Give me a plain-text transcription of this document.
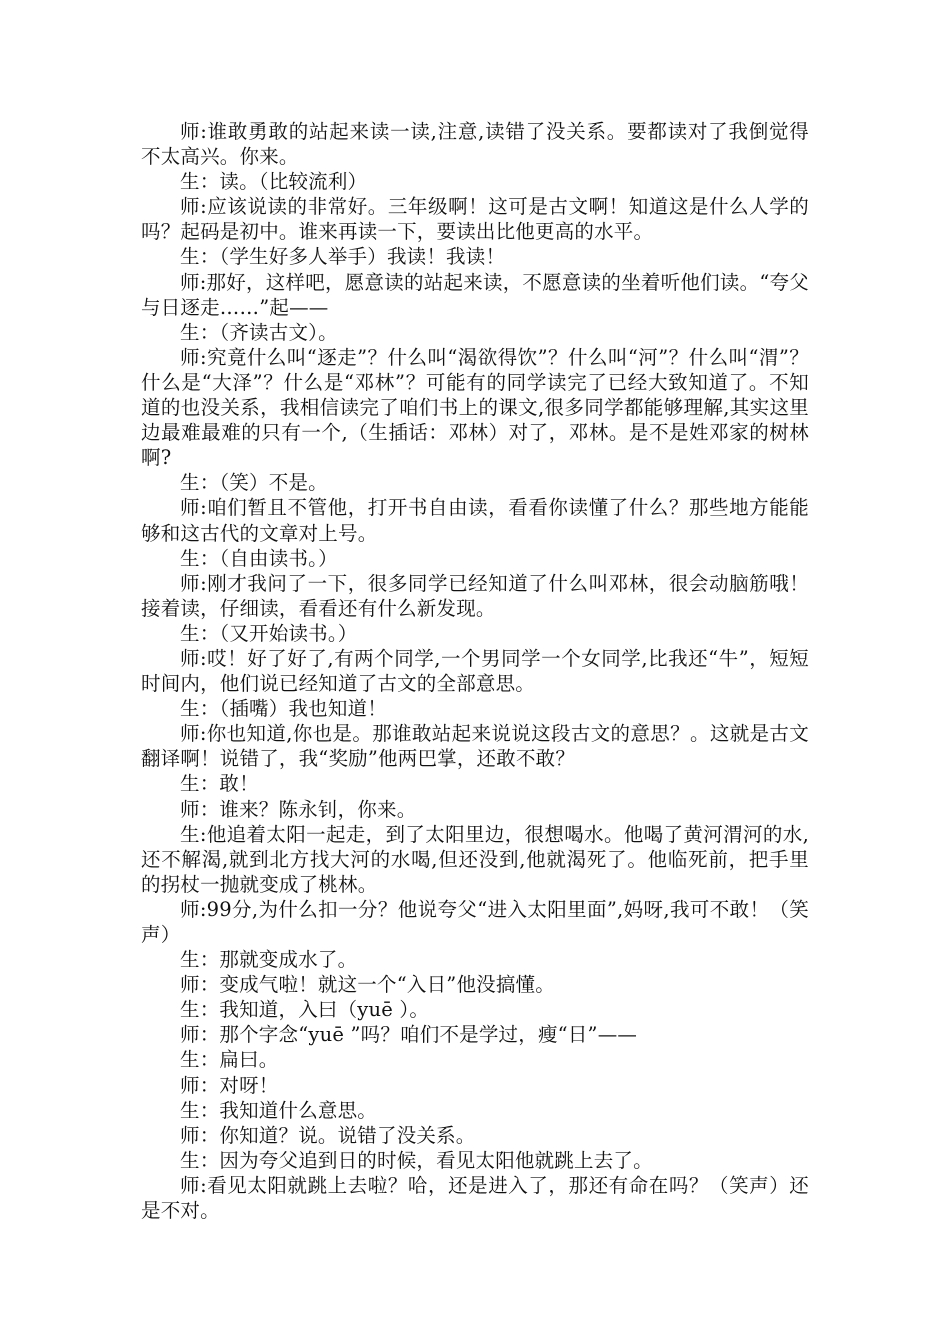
师:谁敢勇敢的站起来读一读,注意,读错了没关系。要都读对了我倒觉得不太高兴。你来。

生：读。（比较流利）

师:应该说读的非常好。三年级啊！这可是古文啊！知道这是什么人学的吗？起码是初中。谁来再读一下，要读出比他更高的水平。

生：（学生好多人举手）我读！我读！

师:那好，这样吧，愿意读的站起来读，不愿意读的坐着听他们读。“夸父与日逐走……”起——

生：（齐读古文）。

师:究竟什么叫“逐走”？什么叫“渴欲得饮”？什么叫“河”？什么叫“渭”？什么是“大泽”？什么是“邓林”？可能有的同学读完了已经大致知道了。不知道的也没关系，我相信读完了咱们书上的课文,很多同学都能够理解,其实这里边最难最难的只有一个,（生插话：邓林）对了，邓林。是不是姓邓家的树林啊?

生：（笑）不是。

师:咱们暂且不管他，打开书自由读，看看你读懂了什么？那些地方能能够和这古代的文章对上号。

生：（自由读书。）

师:刚才我问了一下，很多同学已经知道了什么叫邓林，很会动脑筋哦！接着读，仔细读，看看还有什么新发现。

生：（又开始读书。）

师:哎！好了好了,有两个同学,一个男同学一个女同学,比我还“牛”，短短时间内，他们说已经知道了古文的全部意思。

生：（插嘴）我也知道！

师:你也知道,你也是。那谁敢站起来说说这段古文的意思？。这就是古文翻译啊！说错了，我“奖励”他两巴掌，还敢不敢？

生：敢！

师：谁来？陈永钊，你来。

生:他追着太阳一起走，到了太阳里边，很想喝水。他喝了黄河渭河的水,还不解渴,就到北方找大河的水喝,但还没到,他就渴死了。他临死前，把手里的拐杖一抛就变成了桃林。

师:99分,为什么扣一分？他说夸父“进入太阳里面”,妈呀,我可不敢！（笑声）

生：那就变成水了。

师：变成气啦！就这一个“入日”他没搞懂。

生：我知道，入曰（yuē ）。

师：那个字念“yuē ”吗？咱们不是学过，瘦“日”——

生：扁曰。

师：对呀！

生：我知道什么意思。

师：你知道？说。说错了没关系。

生：因为夸父追到日的时候，看见太阳他就跳上去了。

师:看见太阳就跳上去啦？哈，还是进入了，那还有命在吗？（笑声）还是不对。
